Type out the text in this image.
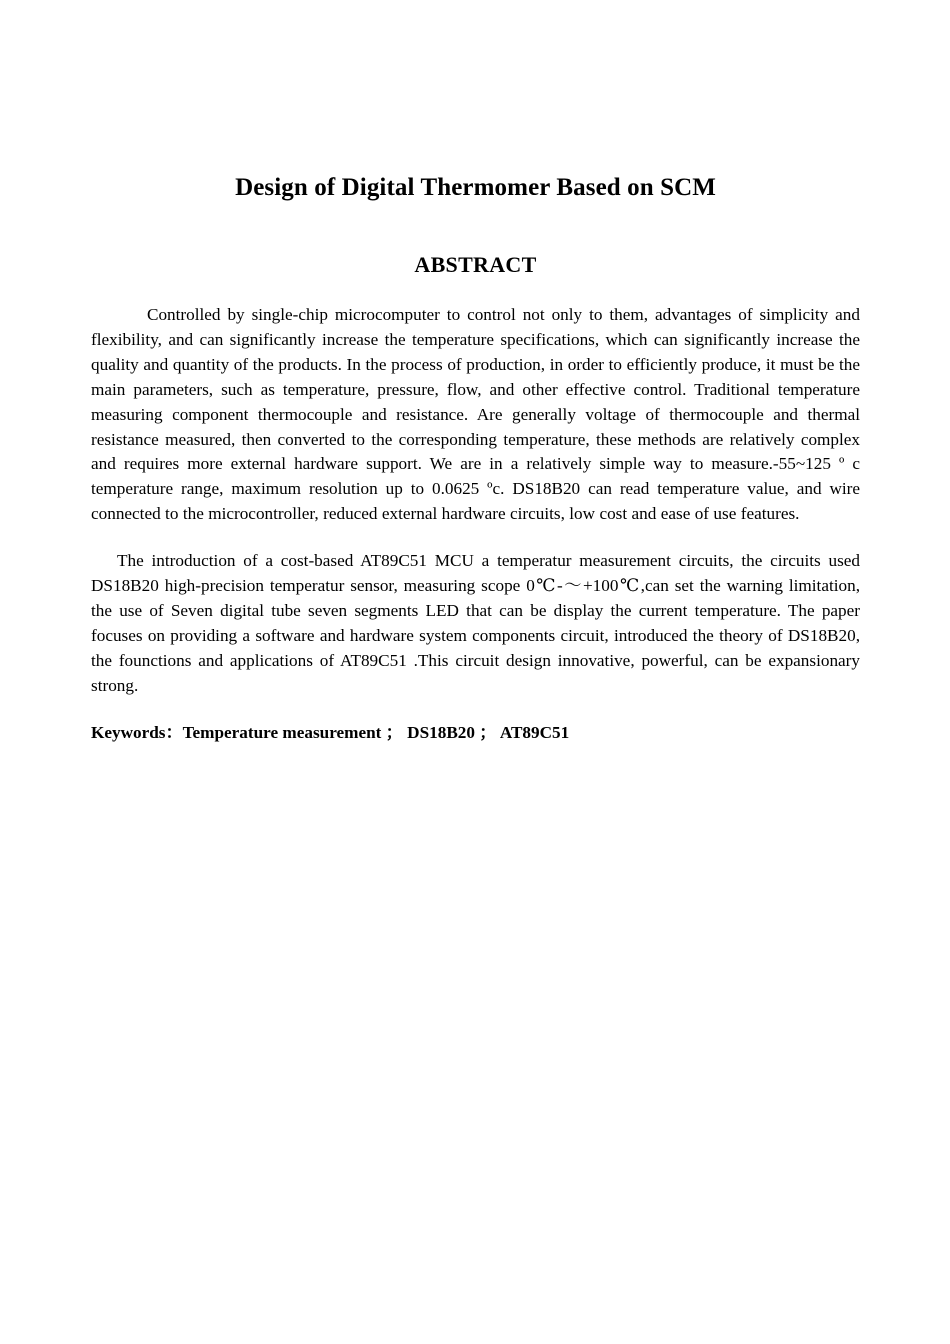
Design of Digital Thermomer Based on SCM
ABSTRACT

Controlled by single-chip microcomputer to control not only to them, advantages of simplicity and flexibility, and can significantly increase the temperature specifications, which can significantly increase the quality and quantity of the products. In the process of production, in order to efficiently produce, it must be the main parameters, such as temperature, pressure, flow, and other effective control. Traditional temperature measuring component thermocouple and resistance. Are generally voltage of thermocouple and thermal resistance measured, then converted to the corresponding temperature, these methods are relatively complex and requires more external hardware support. We are in a relatively simple way to measure.-55~125 º c temperature range, maximum resolution up to 0.0625 ºc. DS18B20 can read temperature value, and wire connected to the microcontroller, reduced external hardware circuits, low cost and ease of use features.

The introduction of a cost-based AT89C51 MCU a temperatur measurement circuits, the circuits used DS18B20 high-precision temperatur sensor, measuring scope 0℃-～+100℃,can set the warning limitation, the use of Seven digital tube seven segments LED that can be display the current temperature. The paper focuses on providing a software and hardware system components circuit, introduced the theory of DS18B20, the founctions and applications of AT89C51 .This circuit design innovative, powerful, can be expansionary strong.

Keywords：Temperature measurement ； DS18B20 ； AT89C51
